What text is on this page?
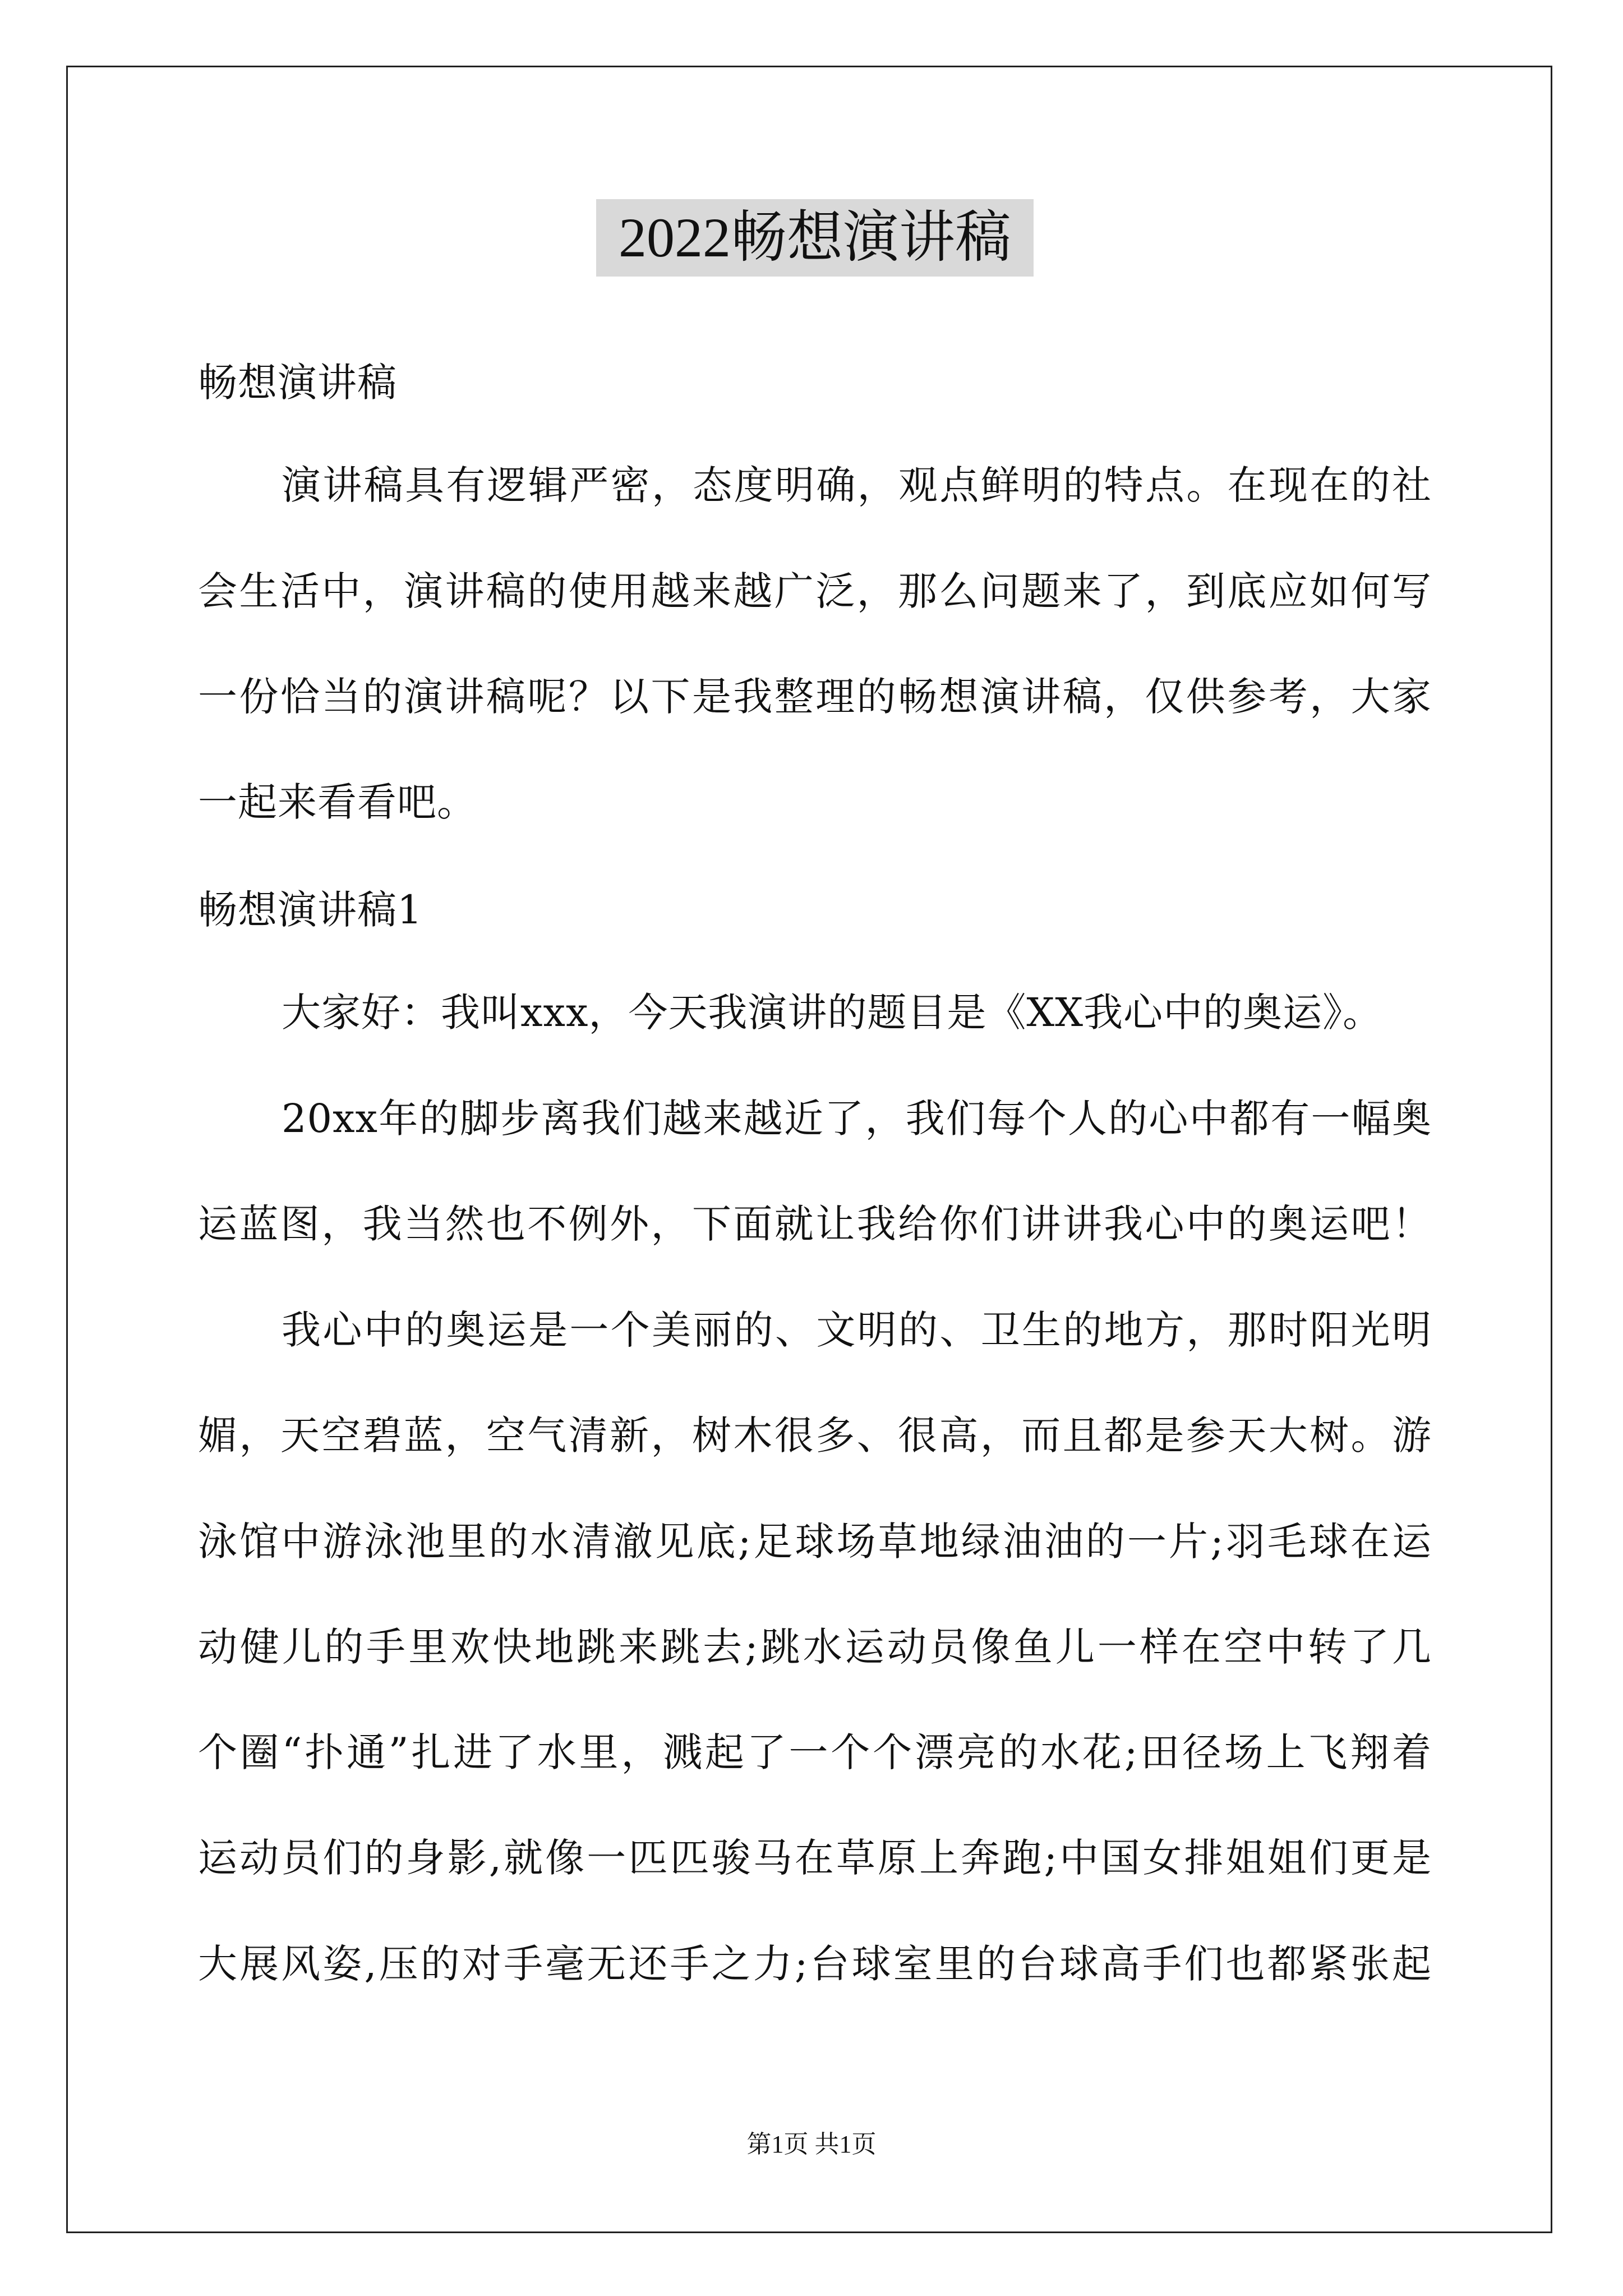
2022畅想演讲稿
畅想演讲稿
演讲稿具有逻辑严密，态度明确，观点鲜明的特点。在现在的社
会生活中，演讲稿的使用越来越广泛，那么问题来了，到底应如何写
一份恰当的演讲稿呢？以下是我整理的畅想演讲稿，仅供参考，大家
一起来看看吧。
畅想演讲稿1
大家好：我叫xxx，今天我演讲的题目是《XX我心中的奥运》。
20xx年的脚步离我们越来越近了，我们每个人的心中都有一幅奥
运蓝图，我当然也不例外，下面就让我给你们讲讲我心中的奥运吧！
我心中的奥运是一个美丽的、文明的、卫生的地方，那时阳光明
媚，天空碧蓝，空气清新，树木很多、很高，而且都是参天大树。游
泳馆中游泳池里的水清澈见底;足球场草地绿油油的一片;羽毛球在运
动健儿的手里欢快地跳来跳去;跳水运动员像鱼儿一样在空中转了几
个圈“扑通”扎进了水里，溅起了一个个漂亮的水花;田径场上飞翔着
运动员们的身影,就像一匹匹骏马在草原上奔跑;中国女排姐姐们更是
大展风姿,压的对手毫无还手之力;台球室里的台球高手们也都紧张起
第1页 共1页
